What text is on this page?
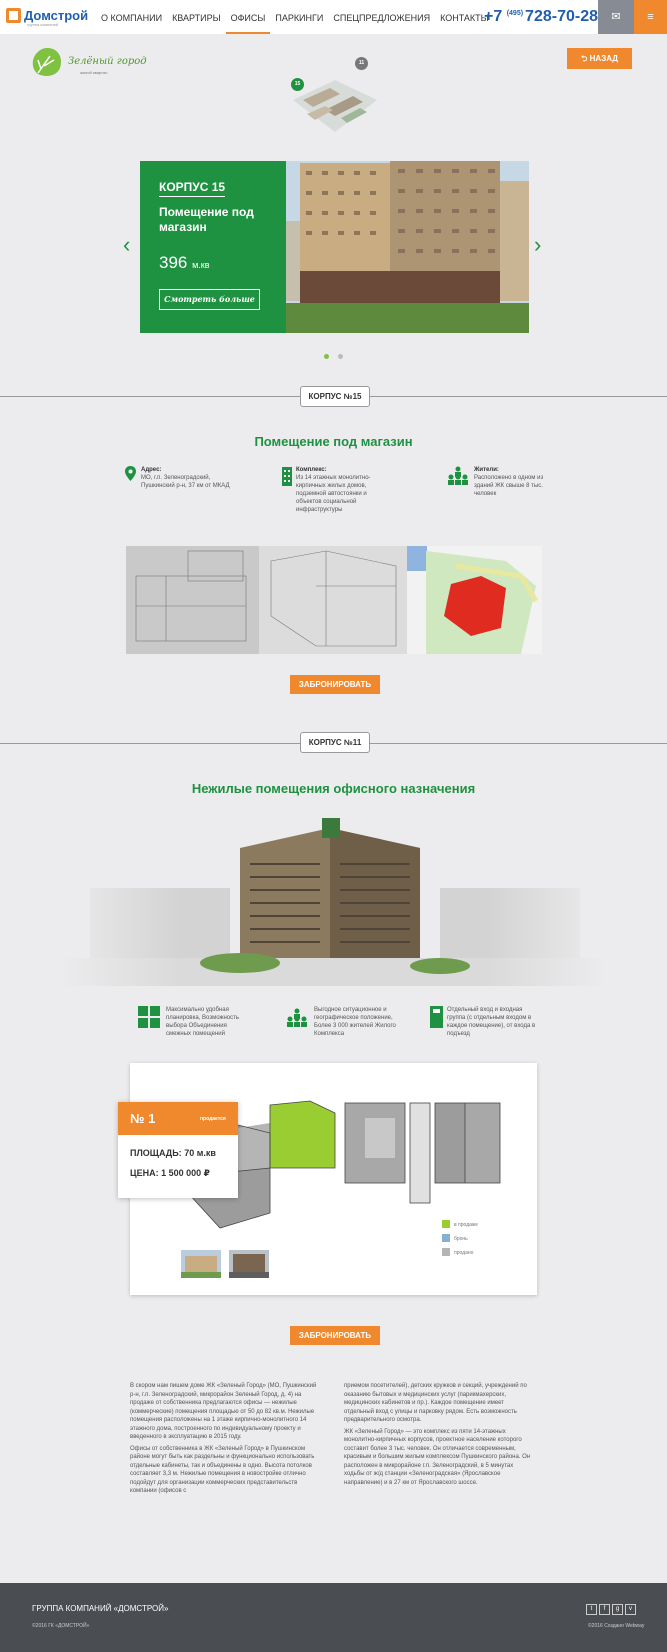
Домстрой
группа компаний
О КОМПАНИИ	КВАРТИРЫ	ОФИСЫ	ПАРКИНГИ	СПЕЦПРЕДЛОЖЕНИЯ	КОНТАКТЫ
+7 $^{(495)}$ 728-70-28	✉	≡
Зелёный город
жилой квартал
⮌ НАЗАД
15
11
‹	›
КОРПУС 15
Помещение под магазин
396 м.кв
Смотреть больше
КОРПУС №15
Помещение под магазин
Адрес:
МО, г.п. Зеленоградский, Пушкинский р-н, 37 км от МКАД
Комплекс:
Из 14 этажных монолитно-кирпичных жилых домов, подземной автостоянки и объектов социальной инфраструктуры
Жители:
Расположено в одном из зданий ЖК свыше 8 тыс. человек
ЗАБРОНИРОВАТЬ
КОРПУС №11
Нежилые помещения офисного назначения
Максимально удобная планировка, Возможность выбора Объединения смежных помещений
Выгодное ситуационное и географическое положение, Более 3 000 жителей Жилого Комплекса
Отдельный вход и входная группа (с отдельным входом в каждое помещение), от входа в подъезд
в продаже
бронь
продано
№ 1	продается
ПЛОЩАДЬ: 70 м.кв
ЦЕНА: 1 500 000 ₽
ЗАБРОНИРОВАТЬ

В скором нам пишем доме ЖК «Зеленый Город» (МО, Пушкинский р-н, г.п. Зеленоградский, микрорайон Зеленый Город, д. 4) на продаже от собственника предлагаются офисы — нежилые (коммерческие) помещения площадью от 50 до 82 кв.м. Нежилые помещения расположены на 1 этаже кирпично-монолитного 14 этажного дома, построенного по индивидуальному проекту и введенного в эксплуатацию в 2015 году.

Офисы от собственника в ЖК «Зеленый Город» в Пушкинском районе могут быть как раздельны и функционально использовать отдельные кабинеты, так и объединены в одно. Высота потолков составляет 3,3 м. Нежилые помещения в новостройке отлично подойдут для организации коммерческих представительств компании (офисов с

приемом посетителей), детских кружков и секций, учреждений по оказанию бытовых и медицинских услуг (парикмахерских, медицинских кабинетов и пр.). Каждое помещение имеет отдельный вход с улицы и парковку рядом. Есть возможность предварительного осмотра.

ЖК «Зеленый Город» — это комплекс из пяти 14-этажных монолитно-кирпичных корпусов, проектное население которого составит более 3 тыс. человек. Он отличается современным, красивым и большим жилым комплексом Пушкинского района. Он расположен в микрорайоне г.п. Зеленоградский, в 5 минутах ходьбы от ж/д станции «Зеленоградская» (Ярославское направление) и в 27 км от Ярославского шоссе.

ГРУППА КОМПАНИЙ «ДОМСТРОЙ»
©2016 ГК «ДОМСТРОЙ»
t	f	g	v
©2016 Создано Webway
